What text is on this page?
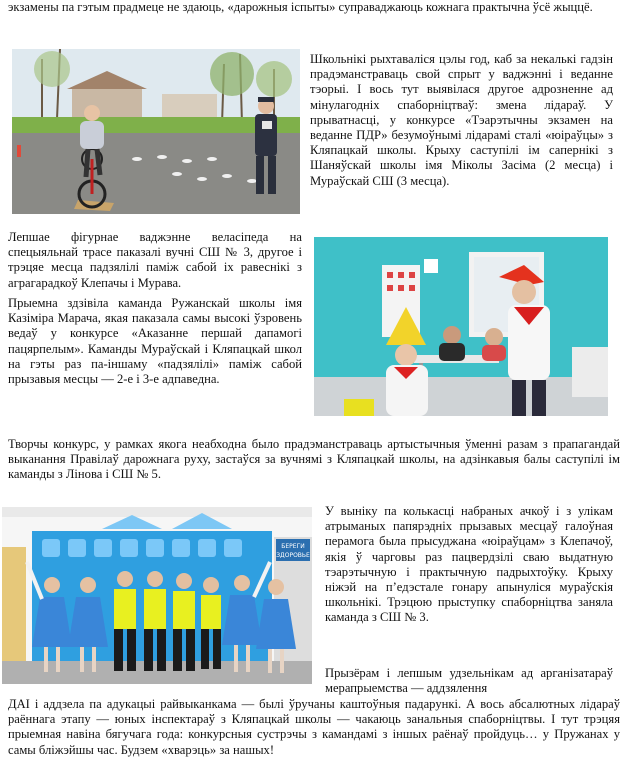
экзамены па гэтым прадмеце не здаюць, «дарожныя іспыты» суправаджаюць кожнага практычна ўсё жыццё.

Школьнікі рыхтаваліся цэлы год, каб за некалькі гадзін прадэманстраваць свой спрыт у ваджэнні і веданне тэорыі. І вось тут выявілася другое адрозненне ад мінулагодніх спаборніцтваў: змена лідараў. У прыватнасці, у конкурсе «Тэарэтычны экзамен на веданне ПДР» безумоўнымі лідарамі сталі «юіраўцы» з Кляпацкай школы. Крыху саступілі ім сапернікі з Шаняўскай школы імя Міколы Засіма (2 месца) і Мураўскай СШ (3 месца).

Лепшае фігурнае ваджэнне веласіпеда на спецыяльнай трасе паказалі вучні СШ № 3, другое і трэцяе месца падзялілі паміж сабой іх равеснікі з аграгарадкоў Клепачы і Мурава.

Прыемна здзівіла каманда Ружанскай школы імя Казіміра Марача, якая паказала самы высокі ўзровень ведаў у конкурсе «Аказанне першай дапамогі пацярпелым». Каманды Мураўскай і Кляпацкай школ на гэты раз па-іншаму «падзялілі» паміж сабой прызавыя месцы — 2-е і 3-е адпаведна.

Творчы конкурс, у рамках якога неабходна было прадэманстраваць артыстычныя ўменні разам з прапагандай выканання Правілаў дарожнага руху, застаўся за вучнямі з Кляпацкай школы, на адзінкавыя балы саступілі ім каманды з Лінова і СШ № 5.

БЕРЕГИ
ЗДОРОВЬЕ

У выніку па колькасці набраных ачкоў і з улікам атрыманых папярэдніх прызавых месцаў галоўная перамога была прысуджана «юіраўцам» з Клепачоў, якія ў чарговы раз пацвердзілі сваю выдатную тэарэтычную і практычную падрыхтоўку. Крыху ніжэй на п’едэстале гонару апынуліся мураўскія школьнікі. Трэцюю прыступку спаборніцтва заняла каманда з СШ № 3.

Прызёрам і лепшым удзельнікам ад арганізатараў мерапрыемства — аддзялення

ДАІ і аддзела па адукацыі райвыканкама — былі ўручаны каштоўныя падарункі. А вось абсалютных лідараў раённага этапу — юных інспектараў з Кляпацкай школы — чакаюць занальныя спаборніцтвы. І тут трэцяя прыемная навіна бягучага года: конкурсныя сустрэчы з камандамі з іншых раёнаў пройдуць… у Пружанах у самы бліжэйшы час. Будзем «хварэць» за нашых!
